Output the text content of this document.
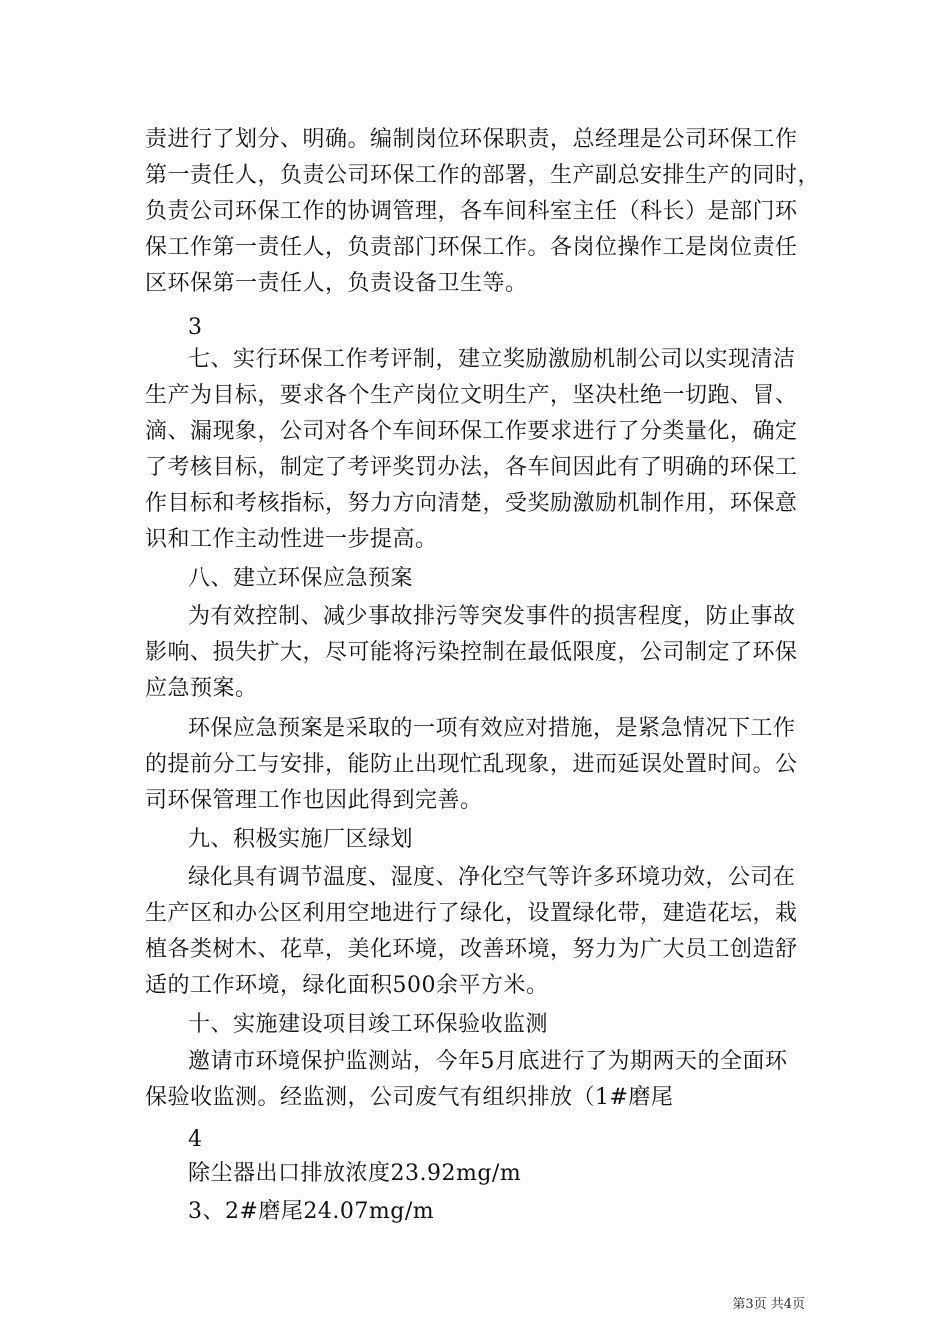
责进行了划分、明确。编制岗位环保职责，总经理是公司环保工作
第一责任人，负责公司环保工作的部署，生产副总安排生产的同时，
负责公司环保工作的协调管理，各车间科室主任（科长）是部门环
保工作第一责任人，负责部门环保工作。各岗位操作工是岗位责任
区环保第一责任人，负责设备卫生等。
3
七、实行环保工作考评制，建立奖励激励机制公司以实现清洁
生产为目标，要求各个生产岗位文明生产，坚决杜绝一切跑、冒、
滴、漏现象，公司对各个车间环保工作要求进行了分类量化，确定
了考核目标，制定了考评奖罚办法，各车间因此有了明确的环保工
作目标和考核指标，努力方向清楚，受奖励激励机制作用，环保意
识和工作主动性进一步提高。
八、建立环保应急预案
为有效控制、减少事故排污等突发事件的损害程度，防止事故
影响、损失扩大，尽可能将污染控制在最低限度，公司制定了环保
应急预案。
环保应急预案是采取的一项有效应对措施，是紧急情况下工作
的提前分工与安排，能防止出现忙乱现象，进而延误处置时间。公
司环保管理工作也因此得到完善。
九、积极实施厂区绿划
绿化具有调节温度、湿度、净化空气等许多环境功效，公司在
生产区和办公区利用空地进行了绿化，设置绿化带，建造花坛，栽
植各类树木、花草，美化环境，改善环境，努力为广大员工创造舒
适的工作环境，绿化面积500余平方米。
十、实施建设项目竣工环保验收监测
邀请市环境保护监测站，今年5月底进行了为期两天的全面环
保验收监测。经监测，公司废气有组织排放（1#磨尾
4
除尘器出口排放浓度23.92mg/m
3、2#磨尾24.07mg/m
第3页 共4页
